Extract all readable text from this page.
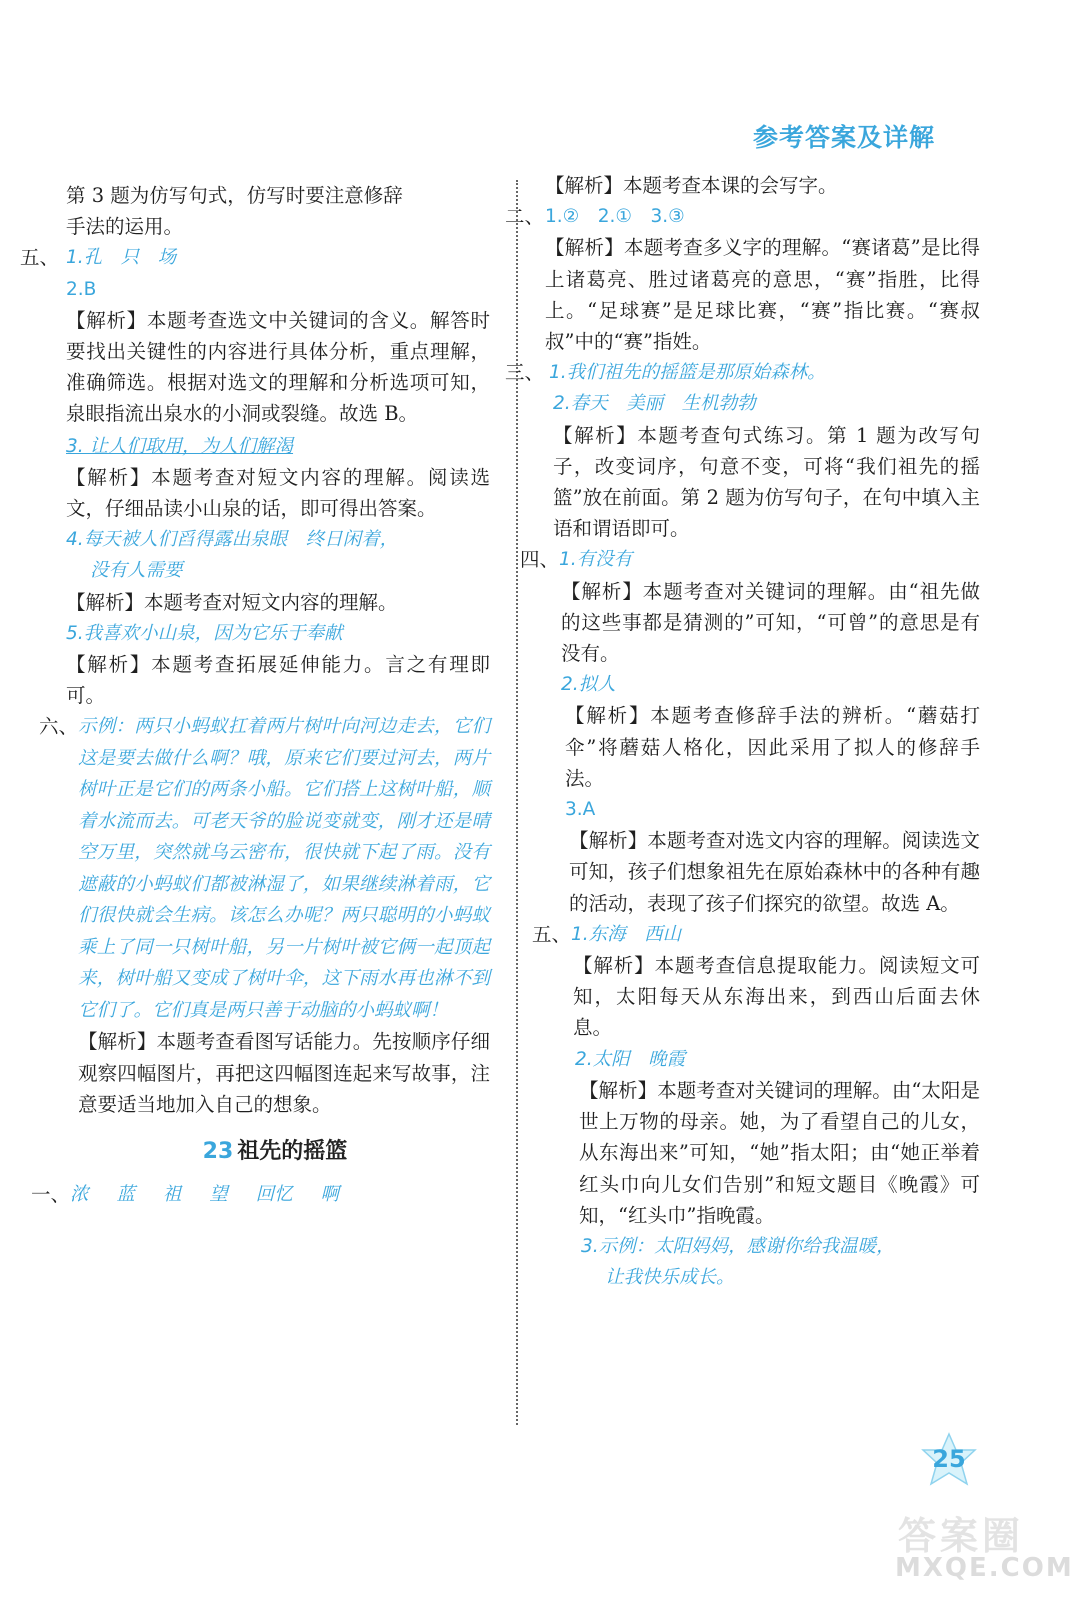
参考答案及详解
第 3 题为仿写句式，仿写时要注意修辞
手法的运用。
五、 1.孔　只　场
2.B
【解析】本题考查选文中关键词的含义。解答时要找出关键性的内容进行具体分析，重点理解，准确筛选。根据对选文的理解和分析选项可知，泉眼指流出泉水的小洞或裂缝。故选 B。
3. 让人们取用，为人们解渴
【解析】本题考查对短文内容的理解。阅读选文，仔细品读小山泉的话，即可得出答案。
4.每天被人们舀得露出泉眼　终日闲着，
没有人需要
【解析】本题考查对短文内容的理解。
5.我喜欢小山泉，因为它乐于奉献
【解析】本题考查拓展延伸能力。言之有理即可。
六、 示例：两只小蚂蚁扛着两片树叶向河边走去，它们这是要去做什么啊？哦，原来它们要过河去，两片树叶正是它们的两条小船。它们搭上这树叶船，顺着水流而去。可老天爷的脸说变就变，刚才还是晴空万里，突然就乌云密布，很快就下起了雨。没有遮蔽的小蚂蚁们都被淋湿了，如果继续淋着雨，它们很快就会生病。该怎么办呢？两只聪明的小蚂蚁乘上了同一只树叶船，另一片树叶被它俩一起顶起来，树叶船又变成了树叶伞，这下雨水再也淋不到它们了。它们真是两只善于动脑的小蚂蚁啊！
【解析】本题考查看图写话能力。先按顺序仔细观察四幅图片，再把这四幅图连起来写故事，注意要适当地加入自己的想象。
23 祖先的摇篮
一、 浓 蓝 祖 望 回忆 啊
【解析】本题考查本课的会写字。
二、 1.②　2.①　3.③
【解析】本题考查多义字的理解。“赛诸葛”是比得上诸葛亮、胜过诸葛亮的意思，“赛”指胜，比得上。“足球赛”是足球比赛，“赛”指比赛。“赛叔叔”中的“赛”指姓。
三、 1.我们祖先的摇篮是那原始森林。
2.春天　美丽　生机勃勃
【解析】本题考查句式练习。第 1 题为改写句子，改变词序，句意不变，可将“我们祖先的摇篮”放在前面。第 2 题为仿写句子，在句中填入主语和谓语即可。
四、 1.有没有
【解析】本题考查对关键词的理解。由“祖先做的这些事都是猜测的”可知，“可曾”的意思是有没有。
2.拟人
【解析】本题考查修辞手法的辨析。“蘑菇打伞”将蘑菇人格化，因此采用了拟人的修辞手法。
3.A
【解析】本题考查对选文内容的理解。阅读选文可知，孩子们想象祖先在原始森林中的各种有趣的活动，表现了孩子们探究的欲望。故选 A。
五、 1.东海　西山
【解析】本题考查信息提取能力。阅读短文可知，太阳每天从东海出来，到西山后面去休息。
2.太阳　晚霞
【解析】本题考查对关键词的理解。由“太阳是世上万物的母亲。她，为了看望自己的儿女，从东海出来”可知，“她”指太阳；由“她正举着红头巾向儿女们告别”和短文题目《晚霞》可知，“红头巾”指晚霞。
3.示例：太阳妈妈，感谢你给我温暖，
让我快乐成长。
25
答案圈
MXQE.COM
